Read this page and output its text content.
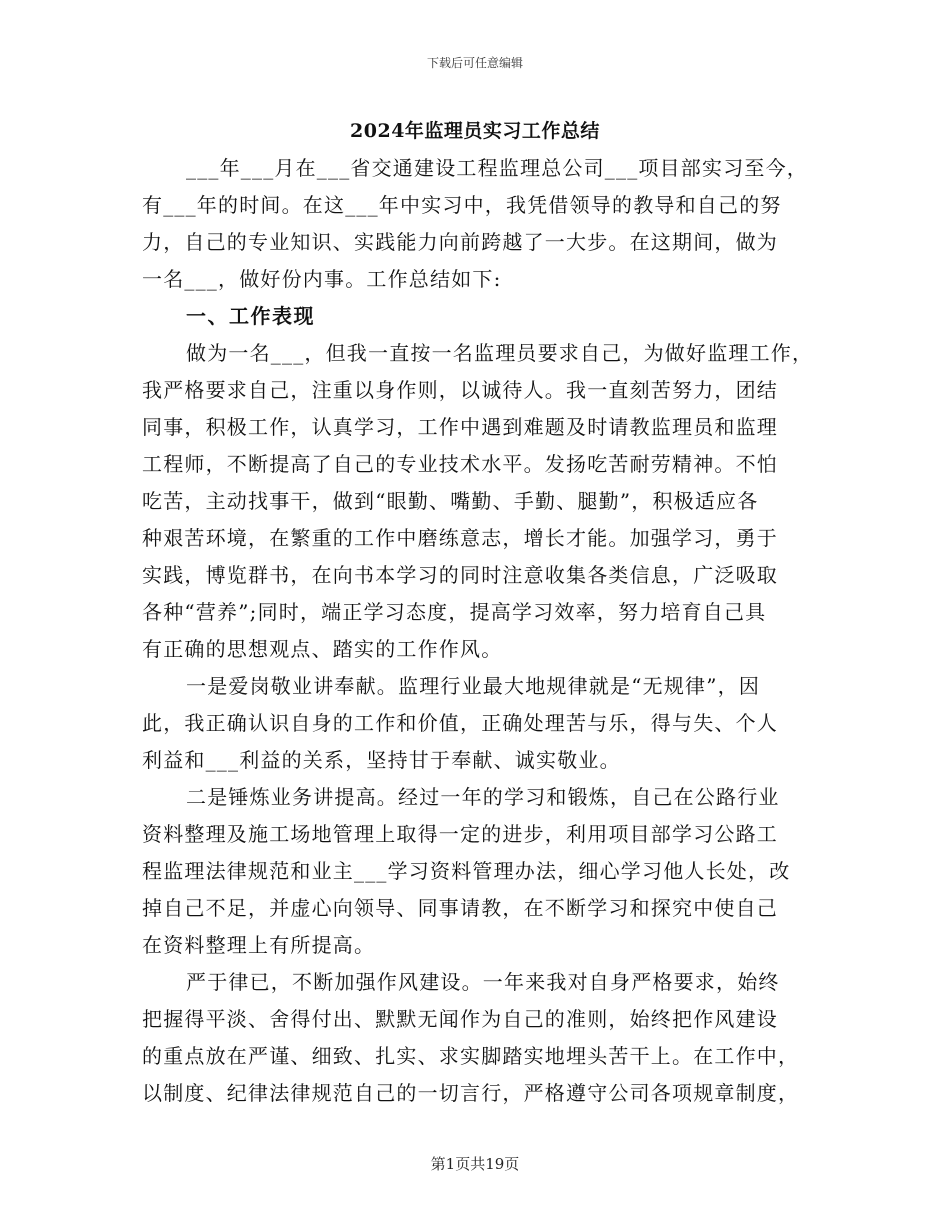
下载后可任意编辑
2024年监理员实习工作总结
___年___月在___省交通建设工程监理总公司___项目部实习至今，
有___年的时间。在这___年中实习中，我凭借领导的教导和自己的努
力，自己的专业知识、实践能力向前跨越了一大步。在这期间，做为
一名___，做好份内事。工作总结如下:
一、工作表现
做为一名___，但我一直按一名监理员要求自己，为做好监理工作，
我严格要求自己，注重以身作则，以诚待人。我一直刻苦努力，团结
同事，积极工作，认真学习，工作中遇到难题及时请教监理员和监理
工程师，不断提高了自己的专业技术水平。发扬吃苦耐劳精神。不怕
吃苦，主动找事干，做到“眼勤、嘴勤、手勤、腿勤”，积极适应各
种艰苦环境，在繁重的工作中磨练意志，增长才能。加强学习，勇于
实践，博览群书，在向书本学习的同时注意收集各类信息，广泛吸取
各种“营养”;同时，端正学习态度，提高学习效率，努力培育自己具
有正确的思想观点、踏实的工作作风。
一是爱岗敬业讲奉献。监理行业最大地规律就是“无规律”，因
此，我正确认识自身的工作和价值，正确处理苦与乐，得与失、个人
利益和___利益的关系，坚持甘于奉献、诚实敬业。
二是锤炼业务讲提高。经过一年的学习和锻炼，自己在公路行业
资料整理及施工场地管理上取得一定的进步，利用项目部学习公路工
程监理法律规范和业主___学习资料管理办法，细心学习他人长处，改
掉自己不足，并虚心向领导、同事请教，在不断学习和探究中使自己
在资料整理上有所提高。
严于律已，不断加强作风建设。一年来我对自身严格要求，始终
把握得平淡、舍得付出、默默无闻作为自己的准则，始终把作风建设
的重点放在严谨、细致、扎实、求实脚踏实地埋头苦干上。在工作中，
以制度、纪律法律规范自己的一切言行，严格遵守公司各项规章制度，
第1页共19页
